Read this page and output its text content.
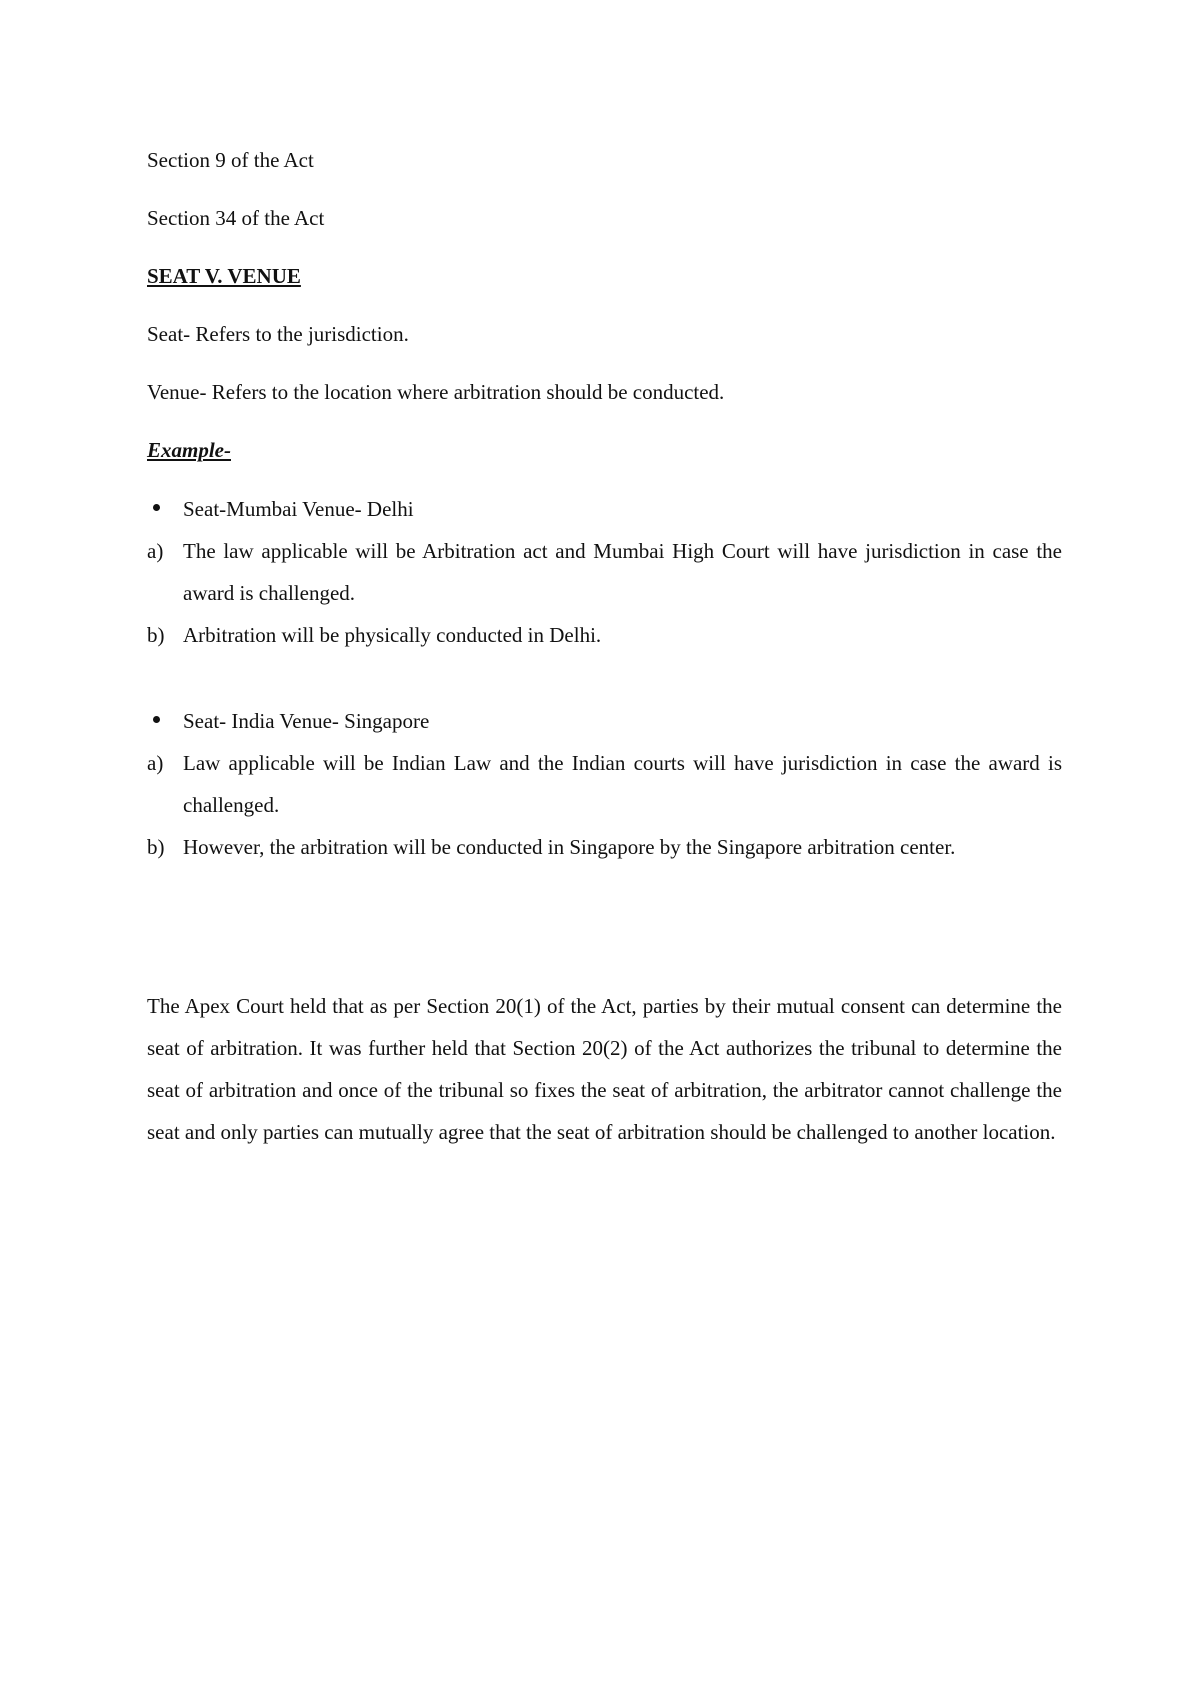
Section 9 of the Act
Section 34 of the Act
SEAT V. VENUE
Seat- Refers to the jurisdiction.
Venue- Refers to the location where arbitration should be conducted.
Example-
Seat-Mumbai Venue- Delhi
a) The law applicable will be Arbitration act and Mumbai High Court will have jurisdiction in case the award is challenged.
b) Arbitration will be physically conducted in Delhi.
Seat- India Venue- Singapore
a) Law applicable will be Indian Law and the Indian courts will have jurisdiction in case the award is challenged.
b) However, the arbitration will be conducted in Singapore by the Singapore arbitration center.
The Apex Court held that as per Section 20(1) of the Act, parties by their mutual consent can determine the seat of arbitration. It was further held that Section 20(2) of the Act authorizes the tribunal to determine the seat of arbitration and once of the tribunal so fixes the seat of arbitration, the arbitrator cannot challenge the seat and only parties can mutually agree that the seat of arbitration should be challenged to another location.
